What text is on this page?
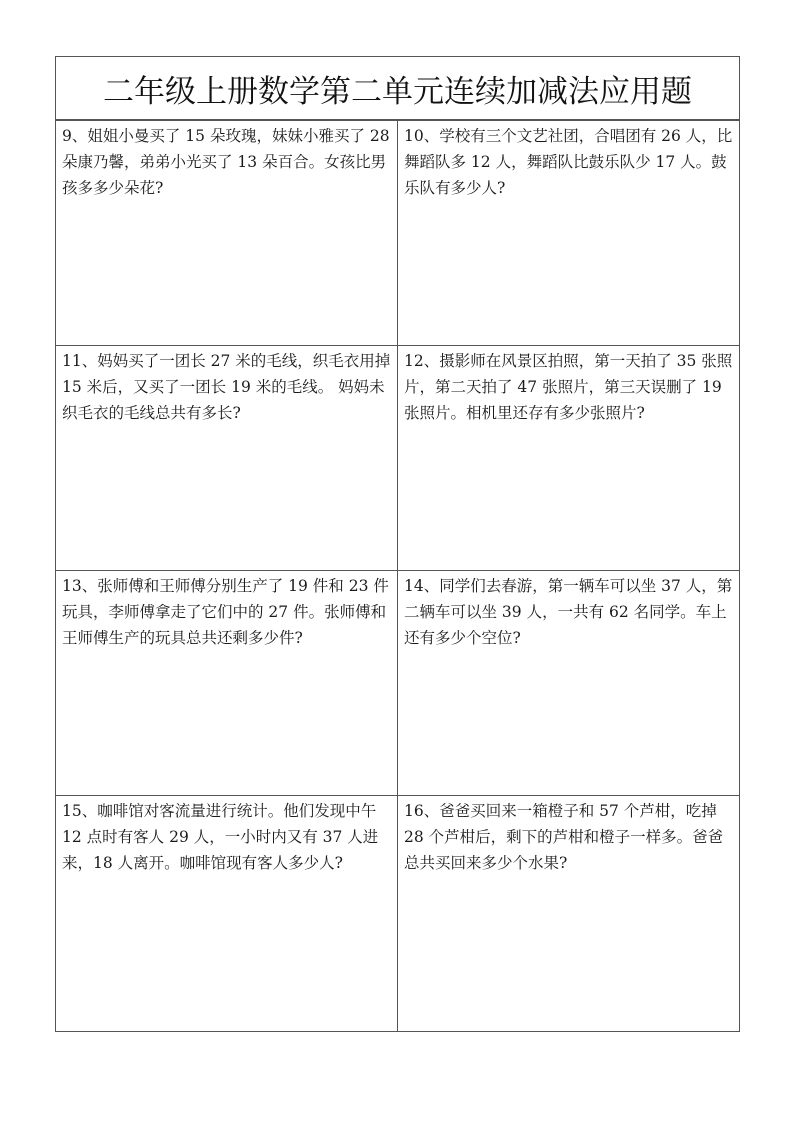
二年级上册数学第二单元连续加减法应用题
9、姐姐小曼买了 15 朵玫瑰，妹妹小雅买了 28 朵康乃馨，弟弟小光买了 13 朵百合。女孩比男孩多多少朵花?
10、学校有三个文艺社团，合唱团有 26 人，比舞蹈队多 12 人，舞蹈队比鼓乐队少 17 人。鼓乐队有多少人?
11、妈妈买了一团长 27 米的毛线，织毛衣用掉 15 米后，又买了一团长 19 米的毛线。 妈妈未织毛衣的毛线总共有多长?
12、摄影师在风景区拍照，第一天拍了 35 张照片，第二天拍了 47 张照片，第三天误删了 19 张照片。相机里还存有多少张照片?
13、张师傅和王师傅分别生产了 19 件和 23 件玩具，李师傅拿走了它们中的 27 件。张师傅和王师傅生产的玩具总共还剩多少件?
14、同学们去春游，第一辆车可以坐 37 人，第二辆车可以坐 39 人，一共有 62 名同学。车上还有多少个空位?
15、咖啡馆对客流量进行统计。他们发现中午 12 点时有客人 29 人，一小时内又有 37 人进来，18 人离开。咖啡馆现有客人多少人?
16、爸爸买回来一箱橙子和 57 个芦柑，吃掉 28 个芦柑后，剩下的芦柑和橙子一样多。爸爸总共买回来多少个水果?
